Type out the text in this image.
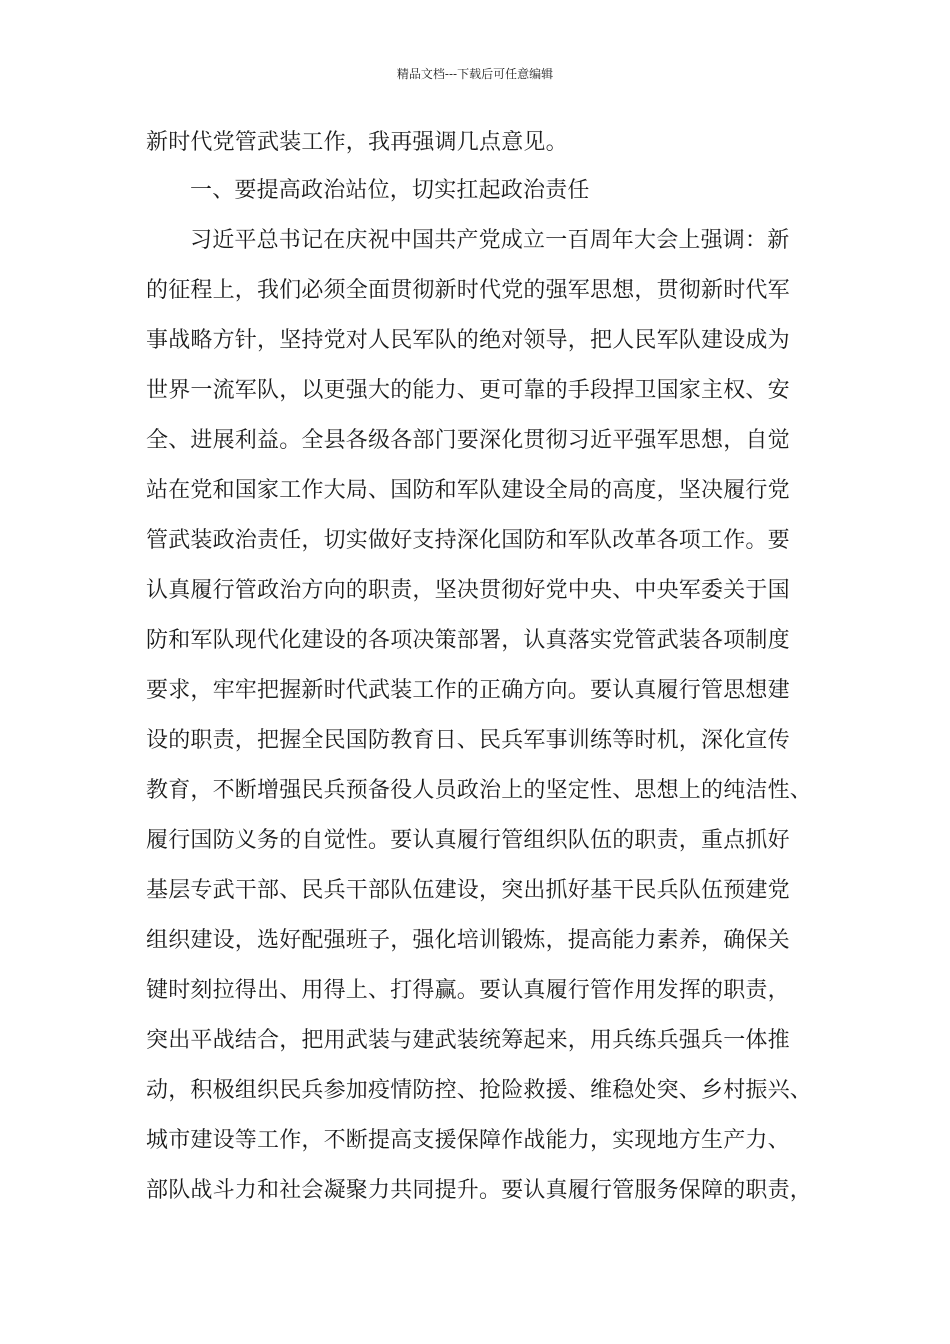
精品文档---下载后可任意编辑
新时代党管武装工作，我再强调几点意见。
一、要提高政治站位，切实扛起政治责任
习近平总书记在庆祝中国共产党成立一百周年大会上强调：新
的征程上，我们必须全面贯彻新时代党的强军思想，贯彻新时代军
事战略方针，坚持党对人民军队的绝对领导，把人民军队建设成为
世界一流军队，以更强大的能力、更可靠的手段捍卫国家主权、安
全、进展利益。全县各级各部门要深化贯彻习近平强军思想，自觉
站在党和国家工作大局、国防和军队建设全局的高度，坚决履行党
管武装政治责任，切实做好支持深化国防和军队改革各项工作。要
认真履行管政治方向的职责，坚决贯彻好党中央、中央军委关于国
防和军队现代化建设的各项决策部署，认真落实党管武装各项制度
要求，牢牢把握新时代武装工作的正确方向。要认真履行管思想建
设的职责，把握全民国防教育日、民兵军事训练等时机，深化宣传
教育，不断增强民兵预备役人员政治上的坚定性、思想上的纯洁性、
履行国防义务的自觉性。要认真履行管组织队伍的职责，重点抓好
基层专武干部、民兵干部队伍建设，突出抓好基干民兵队伍预建党
组织建设，选好配强班子，强化培训锻炼，提高能力素养，确保关
键时刻拉得出、用得上、打得赢。要认真履行管作用发挥的职责，
突出平战结合，把用武装与建武装统筹起来，用兵练兵强兵一体推
动，积极组织民兵参加疫情防控、抢险救援、维稳处突、乡村振兴、
城市建设等工作，不断提高支援保障作战能力，实现地方生产力、
部队战斗力和社会凝聚力共同提升。要认真履行管服务保障的职责，
